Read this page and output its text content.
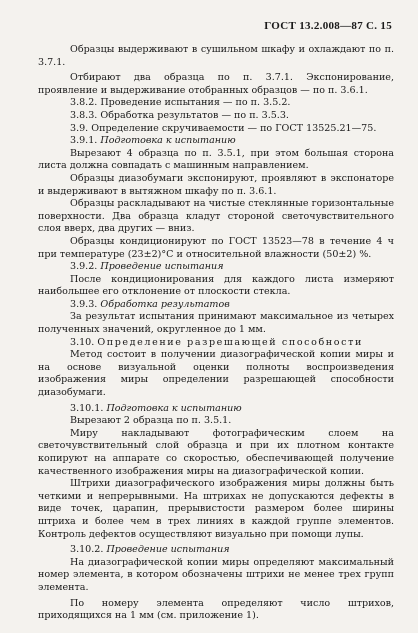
ГОСТ 13.2.008—87 С. 15

Образцы выдерживают в сушильном шкафу и охлаждают по п. 3.7.1.

Отбирают два образца по п. 3.7.1. Экспонирование, проявление и выдерживание отобранных образцов — по п. 3.6.1.

3.8.2. Проведение испытания — по п. 3.5.2.

3.8.3. Обработка результатов — по п. 3.5.3.

3.9. Определение скручиваемости — по ГОСТ 13525.21—75.

3.9.1. Подготовка к испытанию

Вырезают 4 образца по п. 3.5.1, при этом большая сторона листа должна совпадать с машинным направлением.

Образцы диазобумаги экспонируют, проявляют в экспонаторе и выдерживают в вытяжном шкафу по п. 3.6.1.

Образцы раскладывают на чистые стеклянные горизонтальные поверхности. Два образца кладут стороной светочувствительного слоя вверх, два других — вниз.

Образцы кондиционируют по ГОСТ 13523—78 в течение 4 ч при температуре (23±2)°С и относительной влажности (50±2) %.

3.9.2. Проведение испытания

После кондиционирования для каждого листа измеряют наибольшее его отклонение от плоскости стекла.

3.9.3. Обработка результатов

За результат испытания принимают максимальное из четырех полученных значений, округленное до 1 мм.

3.10. Определение разрешающей способности

Метод состоит в получении диазографической копии миры и на основе визуальной оценки полноты воспроизведения изображения миры определении разрешающей способности диазобумаги.

3.10.1. Подготовка к испытанию

Вырезают 2 образца по п. 3.5.1.

Миру накладывают фотографическим слоем на светочувствительный слой образца и при их плотном контакте копируют на аппарате со скоростью, обеспечивающей получение качественного изображения миры на диазографической копии.

Штрихи диазографического изображения миры должны быть четкими и непрерывными. На штрихах не допускаются дефекты в виде точек, царапин, прерывистости размером более ширины штриха и более чем в трех линиях в каждой группе элементов. Контроль дефектов осуществляют визуально при помощи лупы.

3.10.2. Проведение испытания

На диазографической копии миры определяют максимальный номер элемента, в котором обозначены штрихи не менее трех групп элемента.

По номеру элемента определяют число штрихов, приходящихся на 1 мм (см. приложение 1).
